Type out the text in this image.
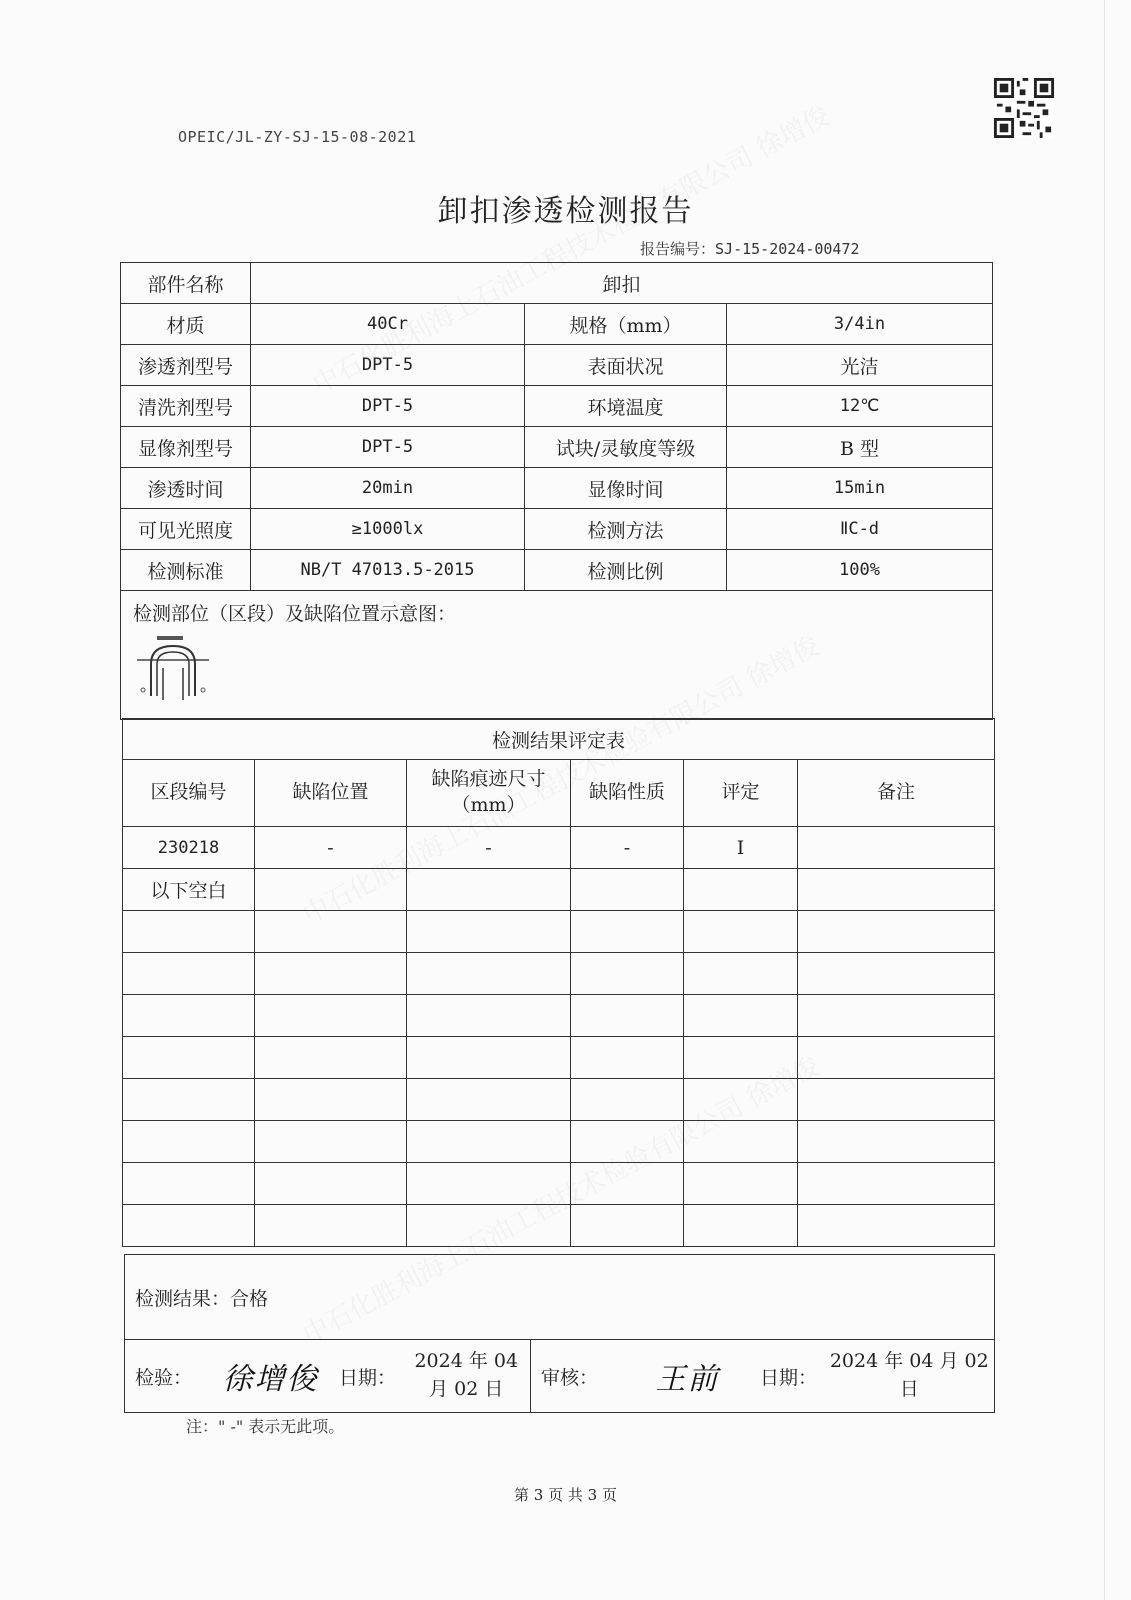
OPEIC/JL-ZY-SJ-15-08-2021
卸扣渗透检测报告
报告编号：SJ-15-2024-00472
部件名称	卸扣		
材质	40Cr	规格（mm）	3/4in
渗透剂型号	DPT-5	表面状况	光洁
清洗剂型号	DPT-5	环境温度	12℃
显像剂型号	DPT-5	试块/灵敏度等级	B 型
渗透时间	20min	显像时间	15min
可见光照度	≥1000lx	检测方法	ⅡC-d
检测标准	NB/T 47013.5-2015	检测比例	100%

检测部位（区段）及缺陷位置示意图：			
检测结果评定表					
区段编号	缺陷位置	缺陷痕迹尺寸（mm）	缺陷性质	评定	备注
230218	-	-	-	Ⅰ	
以下空白					

检测结果：合格
检验：	徐增俊	日期：	2024 年 04 月 02 日	审核：	王前	日期：	2024 年 04 月 02 日
注：" -" 表示无此项。
第 3 页 共 3 页
